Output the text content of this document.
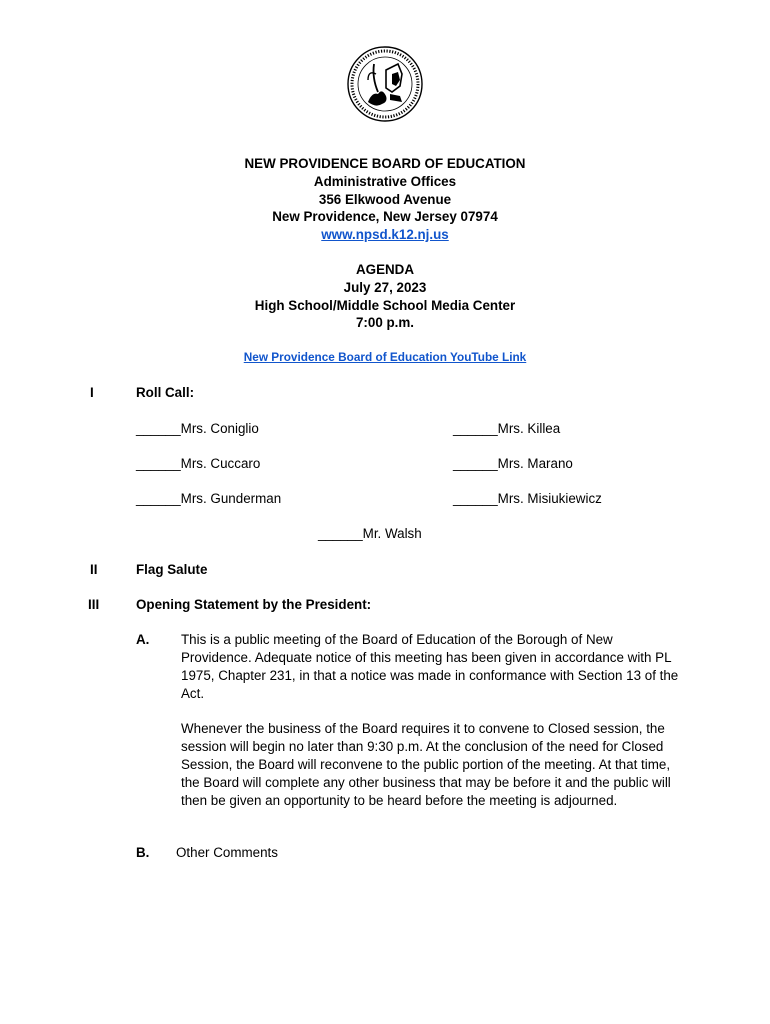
NEW PROVIDENCE BOARD OF EDUCATION
Administrative Offices
356 Elkwood Avenue
New Providence, New Jersey 07974
www.npsd.k12.nj.us
AGENDA
July 27, 2023
High School/Middle School Media Center
7:00 p.m.
New Providence Board of Education YouTube Link
I	Roll Call:
______Mrs. Coniglio	______Mrs. Killea
______Mrs. Cuccaro	______Mrs. Marano
______Mrs. Gunderman	______Mrs. Misiukiewicz
______Mr. Walsh
II	Flag Salute
III	Opening Statement by the President:
A. This is a public meeting of the Board of Education of the Borough of New Providence. Adequate notice of this meeting has been given in accordance with PL 1975, Chapter 231, in that a notice was made in conformance with Section 13 of the Act.
Whenever the business of the Board requires it to convene to Closed session, the session will begin no later than 9:30 p.m. At the conclusion of the need for Closed Session, the Board will reconvene to the public portion of the meeting. At that time, the Board will complete any other business that may be before it and the public will then be given an opportunity to be heard before the meeting is adjourned.
B. Other Comments
